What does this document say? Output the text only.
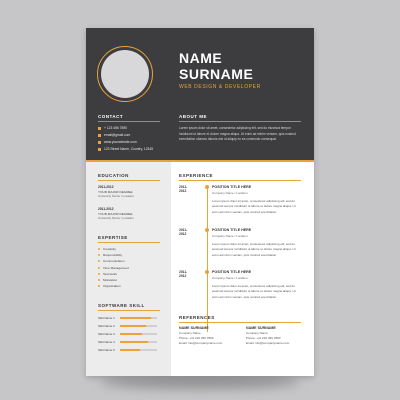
NAME
SURNAME
WEB DESIGN & DEVELOPER
CONTACT
+ 123 456 7890
email@gmail.com
www.yourwebsite.com
123 Street Name, Country, 12345
ABOUT ME
Lorem ipsum dolor sit amet, consectetur adipiscing elit, sed do eiusmod tempor incididunt ut labore et dolore magna aliqua. Ut enim ad minim veniam, quis nostrud exercitation ullamco laboris nisi ut aliquip ex ea commodo consequat.
EDUCATION
2011-2012
YOUR MAJOR DEGREE
University Name / Location
2011-2012
YOUR MAJOR DEGREE
University Name / Location
EXPERTISE
Creativity
Responsibility
Communication
Time Management
Teamwork
Motivation
Organization
SOFTWARE SKILL
Skill Name 1
Skill Name 2
Skill Name 3
Skill Name 4
Skill Name 5
EXPERIENCE
2011-2012
POSITION TITLE HERE
Company Name / Location
Lorem ipsum dolor sit amet, consectetur adipiscing elit, sed do eiusmod tempor incididunt ut labore et dolore magna aliqua. Ut enim ad minim veniam, quis nostrud exercitation.
2011-2012
POSITION TITLE HERE
Company Name / Location
Lorem ipsum dolor sit amet, consectetur adipiscing elit, sed do eiusmod tempor incididunt ut labore et dolore magna aliqua. Ut enim ad minim veniam, quis nostrud exercitation.
2011-2012
POSITION TITLE HERE
Company Name / Location
Lorem ipsum dolor sit amet, consectetur adipiscing elit, sed do eiusmod tempor incididunt ut labore et dolore magna aliqua. Ut enim ad minim veniam, quis nostrud exercitation.
REFERENCES
NAME SURNAME
Company Name
Phone: +11 222 456 7890
Email: info@companyname.com
NAME SURNAME
Company Name
Phone: +11 222 456 7890
Email: info@companyname.com
